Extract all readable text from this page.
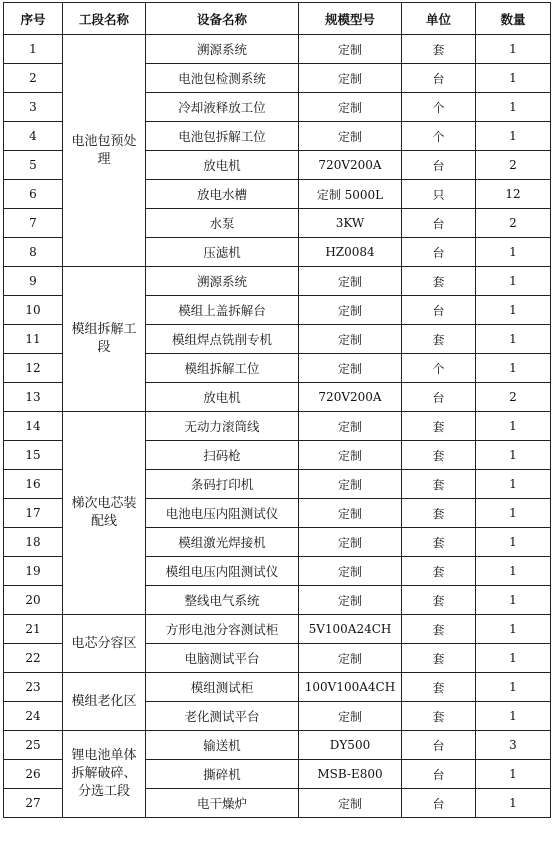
序号	工段名称	设备名称	规模型号	单位	数量
1	电池包预处理	溯源系统	定制	套	1
2		电池包检测系统	定制	台	1
3		冷却液释放工位	定制	个	1
4		电池包拆解工位	定制	个	1
5		放电机	720V200A	台	2
6		放电水槽	定制 5000L	只	12
7		水泵	3KW	台	2
8		压滤机	HZ0084	台	1
9	模组拆解工段	溯源系统	定制	套	1
10		模组上盖拆解台	定制	台	1
11		模组焊点铣削专机	定制	套	1
12		模组拆解工位	定制	个	1
13		放电机	720V200A	台	2
14	梯次电芯装配线	无动力滚筒线	定制	套	1
15		扫码枪	定制	套	1
16		条码打印机	定制	套	1
17		电池电压内阻测试仪	定制	套	1
18		模组激光焊接机	定制	套	1
19		模组电压内阻测试仪	定制	套	1
20		整线电气系统	定制	套	1
21	电芯分容区	方形电池分容测试柜	5V100A24CH	套	1
22		电脑测试平台	定制	套	1
23	模组老化区	模组测试柜	100V100A4CH	套	1
24		老化测试平台	定制	套	1
25	锂电池单体拆解破碎、分选工段	输送机	DY500	台	3
26		撕碎机	MSB-E800	台	1
27		电干燥炉	定制	台	1
